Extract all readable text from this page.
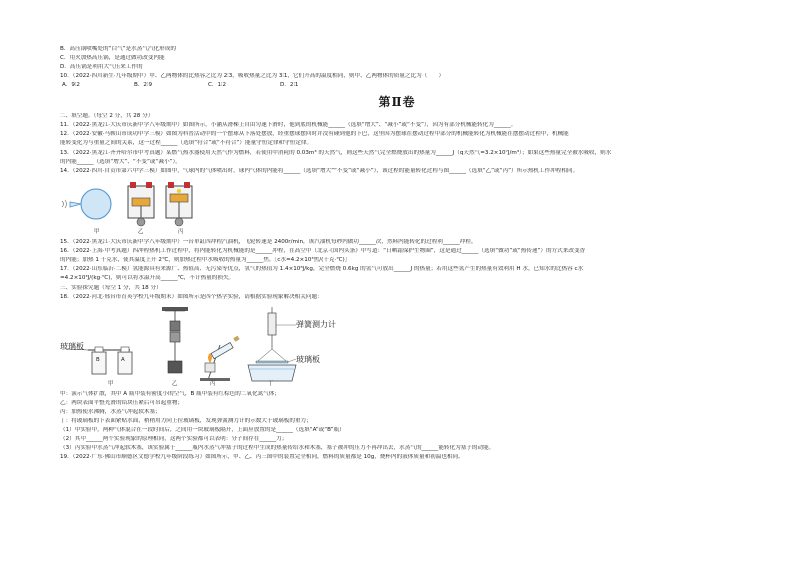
B．高压锅喷嘴处的“白气”是水蒸气汽化形成的
C．用火加热高压锅，是通过做功改变内能
D．高压锅是利用大气压来工作的
10．（2022·四川新生·九年级期中）甲、乙两物体的比热容之比为 2∶3，吸收热量之比为 3∶1，它们升高的温度相同，则甲、乙两物体的质量之比为（　　）
A．9∶2	B．2∶9	C．1∶2	D．2∶1
第Ⅱ卷
二、填空题。（每空 2 分，共 28 分）
11．（2022·黑龙江·大庆市庆新中学八年级期中）如图所示，小涵从滑梯上自由匀速下滑时，他到底的机械能______（选填“增大”、“减小”或“不变”），因为有部分机械能转化为______。
12．（2022·安徽·马鞍山市成功中学三模）如图为科普活动中的一个摆球从下落处摆放，经重摆球摆回时并没有碰到他的下巴，这里因为摆球在摆动过程中部分的机械能转化为机械能在摆摆动过程中，机械能
能转变化为与重量之间的关系，这一过程______（选填“符合”或“不符合”）能量守恒定律和守恒定律。
13．（2022·黑龙江·齐齐哈尔市中考真题）某燃气热水器使用天然气作为燃料，若使用中消耗的 0.03m³ 的天然气，则这些天然气完全燃烧放出的热量为______J（q天然气=3.2×10⁷J/m³）；如果这些热量完全被水吸收，则水
的内能______（选填“增大”、“不变”或“减小”）。
14．（2022·四川·自贡市第六中学三模）如图甲，气球内的气体喷出时，球内气体的内能将______（选填“增大”“不变”或“减小”），该过程的能量转化过程与图______（选填“乙”或“丙”）所示热机工作冲程相同。
甲	乙	丙
15．（2022·黑龙江·大庆市庆新中学八年级期中）一台单缸四冲程汽油机，飞轮转速是 2400r/min，该汽油机每秒内做功______次，然料内能转化的过程利______冲程。
16．（2022·上海·中考真题）四冲程热机工作过程中，将内能转化为机械能的是______冲程，在高空中（北京·《国内头条》中写道：“日晒霜保护生物圈”，这是通过______（选填“做功”或“热传递”）的方式来改变香
的内能；加热 1 千克水，使其温度上升 2℃，则加热过程中水吸收的热量为______焦。［c水=4.2×10³焦/(千克·℃)］
17．（2022·山东临沂·二模）氢能源具有来源广、热值高、无污染等优点，氢气的热值为 1.4×10⁸J/kg，完全燃烧 0.6kg 的氢气可放出______J 的热量；若用这些氢产生的热量有效利用 H 水，已知水的比热容 c水
=4.2×10³J/(kg·℃)，则可以将水温升高______℃，不计热量的损失。
三、实验探究题（每空 1 分，共 18 分）
18．（2022·河北·邢台市育英学校九年级期末）如图所示是四个热学实验，请根据实验现象解决相关问题：
玻璃板
B	A
弹簧测力计
玻璃板
甲	乙	丙	丁
甲：演示气体扩散，其中 A 瓶中装有密度小的空气，B 瓶中装有红棕色的二氧化氮气体；
乙：两块表面平整光滑的铅块压紧后可吊起重物；
丙：加热使水沸腾，水蒸气冲起软木塞；
丁：将玻璃板的下表面紧贴水面，稍稍用力向上拉玻璃板，发现弹簧测力计的示数大于玻璃板的重力；
（1）甲实验中，两种气体混合在一段时间后，之间用一块玻璃板隔开，上面应放置的是______（选填“A”或“B”瓶）
（2）其中______两个实验现象的原理相同，这两个实验都可以表明：分子间存在______力；
（3）丙实验中水蒸气冲起软木塞，该实验属于______瓶内水蒸气冲塞子的过程中生成的热量传给水和木塞，塞子被冲的压力不再冲出去，水蒸气的______能转化为塞子的动能。
19．（2022·广东·佛山市顺德区文德学校九年级阶段练习）如图所示，甲、乙、丙三图中的装置完全相同，燃料的质量都是 10g，烧杯内的液体质量和初温也相同。
